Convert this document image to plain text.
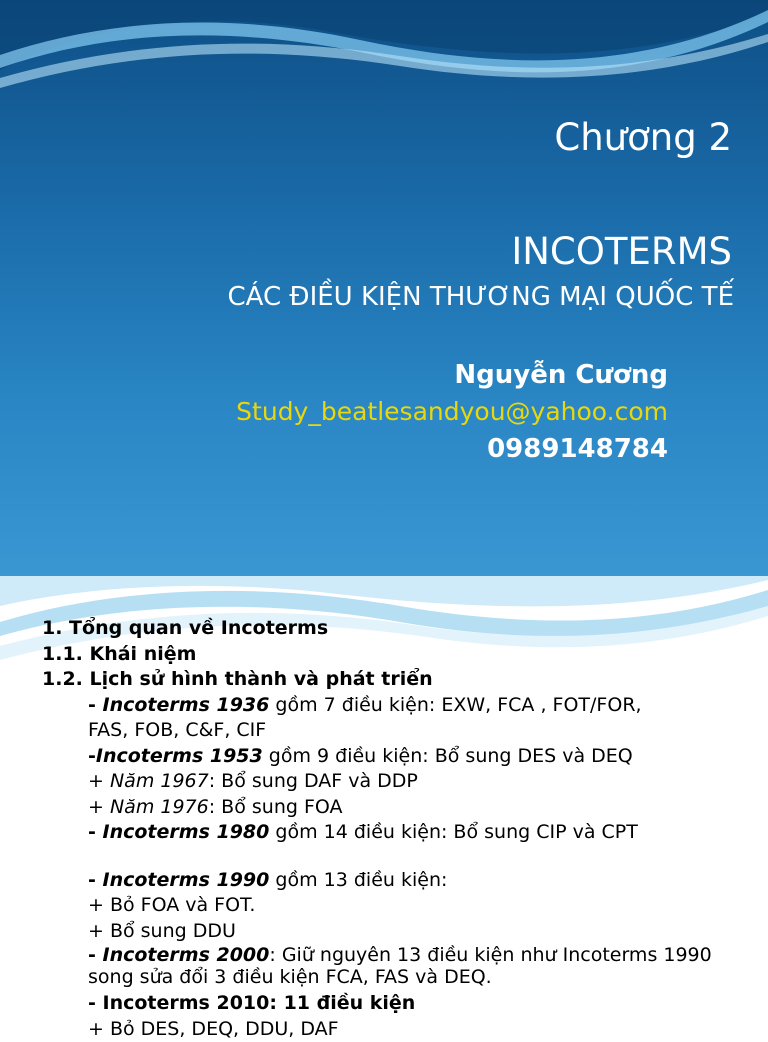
Chương 2
INCOTERMS
CÁC ĐIỀU KIỆN THƯƠNG MẠI QUỐC TẾ
Nguyễn Cương
Study_beatlesandyou@yahoo.com
0989148784
1. Tổng quan về Incoterms
1.1. Khái niệm
1.2. Lịch sử hình thành và phát triển
- Incoterms 1936 gồm 7 điều kiện: EXW, FCA , FOT/FOR,
FAS, FOB, C&F, CIF
-Incoterms 1953 gồm 9 điều kiện: Bổ sung DES và DEQ
+ Năm 1967: Bổ sung DAF và DDP
+ Năm 1976: Bổ sung FOA
- Incoterms 1980 gồm 14 điều kiện: Bổ sung CIP và CPT
- Incoterms 1990 gồm 13 điều kiện:
+ Bỏ FOA và FOT.
+ Bổ sung DDU
- Incoterms 2000: Giữ nguyên 13 điều kiện như Incoterms 1990 song sửa đổi 3 điều kiện FCA, FAS và DEQ.
- Incoterms 2010: 11 điều kiện
+ Bỏ DES, DEQ, DDU, DAF
